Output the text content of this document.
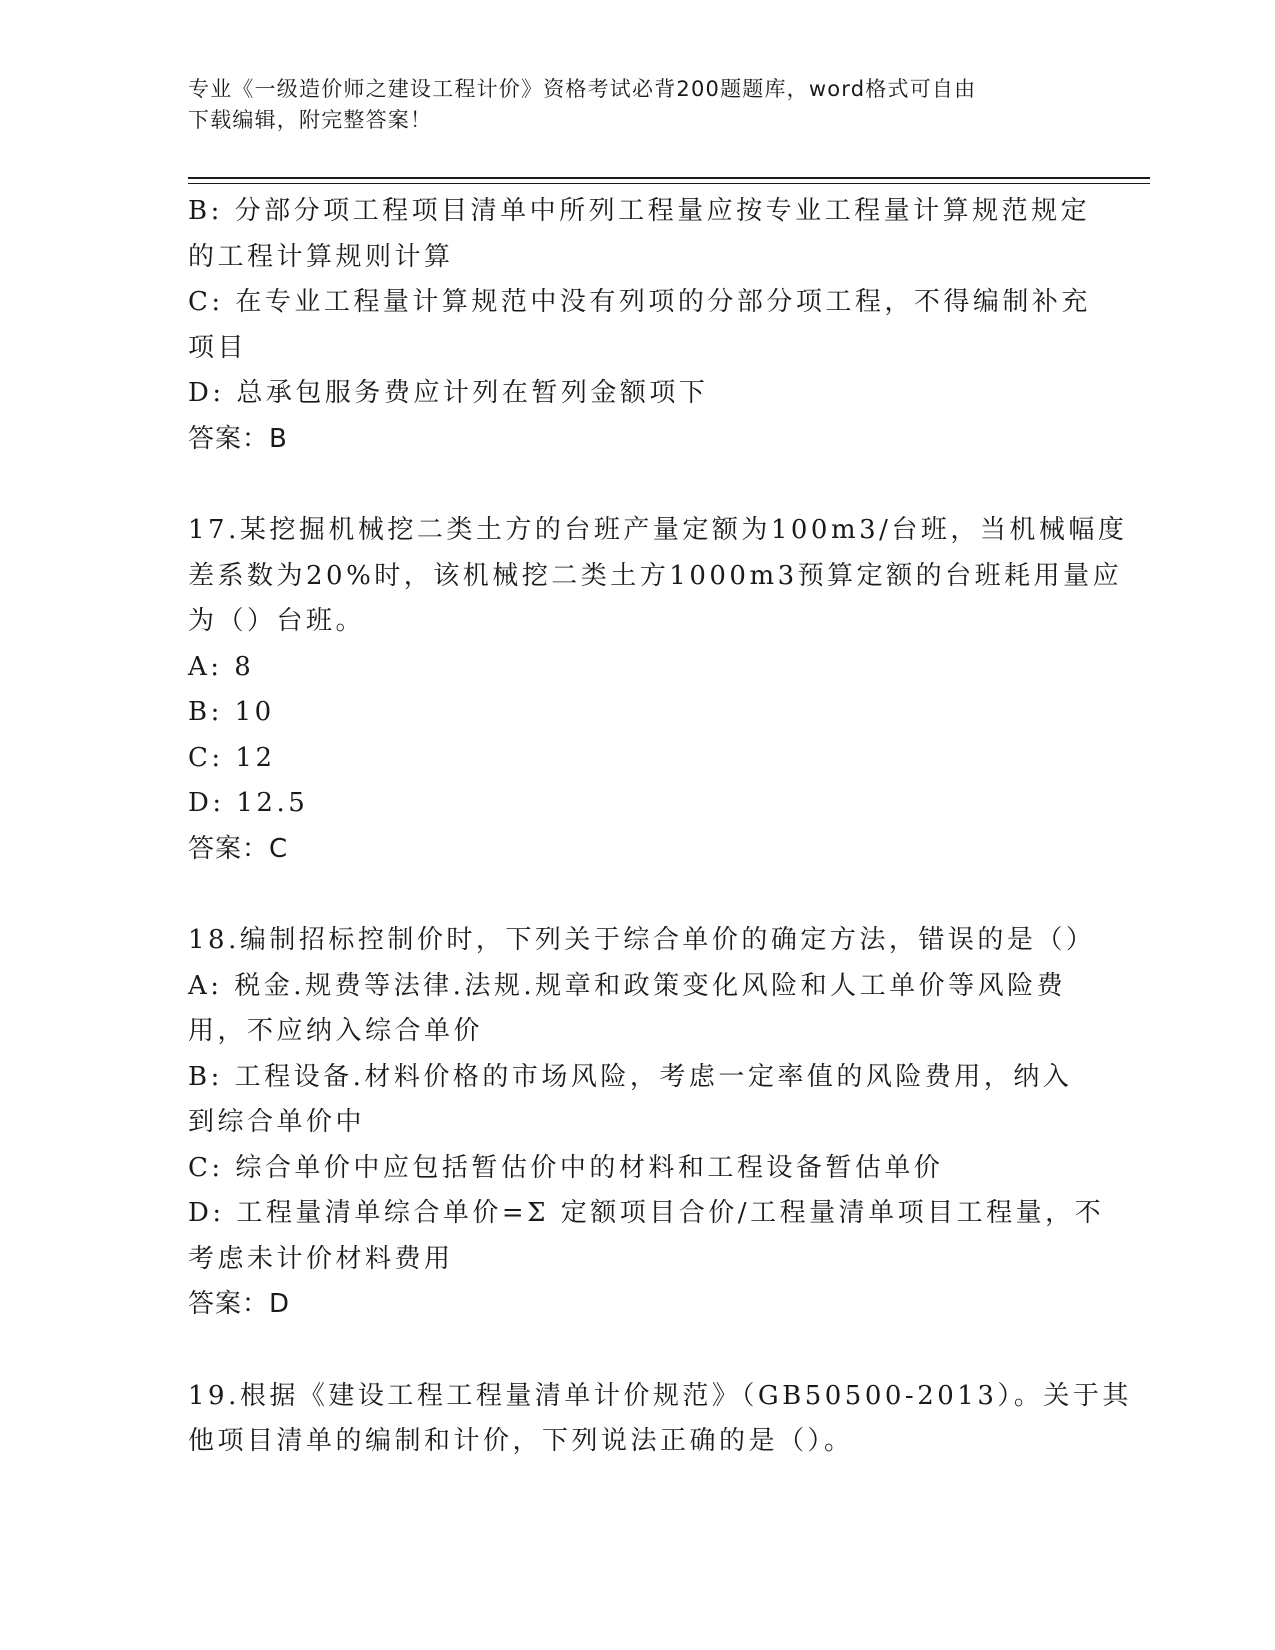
专业《一级造价师之建设工程计价》资格考试必背200题题库，word格式可自由
下载编辑，附完整答案！
B: 分部分项工程项目清单中所列工程量应按专业工程量计算规范规定
的工程计算规则计算
C: 在专业工程量计算规范中没有列项的分部分项工程，不得编制补充
项目
D: 总承包服务费应计列在暂列金额项下
答案：B
17.某挖掘机械挖二类土方的台班产量定额为100m3/台班，当机械幅度
差系数为20%时，该机械挖二类土方1000m3预算定额的台班耗用量应
为（）台班。
A: 8
B: 10
C: 12
D: 12.5
答案：C
18.编制招标控制价时，下列关于综合单价的确定方法，错误的是（）
A: 税金.规费等法律.法规.规章和政策变化风险和人工单价等风险费
用，不应纳入综合单价
B: 工程设备.材料价格的市场风险，考虑一定率值的风险费用，纳入
到综合单价中
C: 综合单价中应包括暂估价中的材料和工程设备暂估单价
D: 工程量清单综合单价=Σ 定额项目合价/工程量清单项目工程量，不
考虑未计价材料费用
答案：D
19.根据《建设工程工程量清单计价规范》（GB50500-2013）。关于其
他项目清单的编制和计价，下列说法正确的是（）。
